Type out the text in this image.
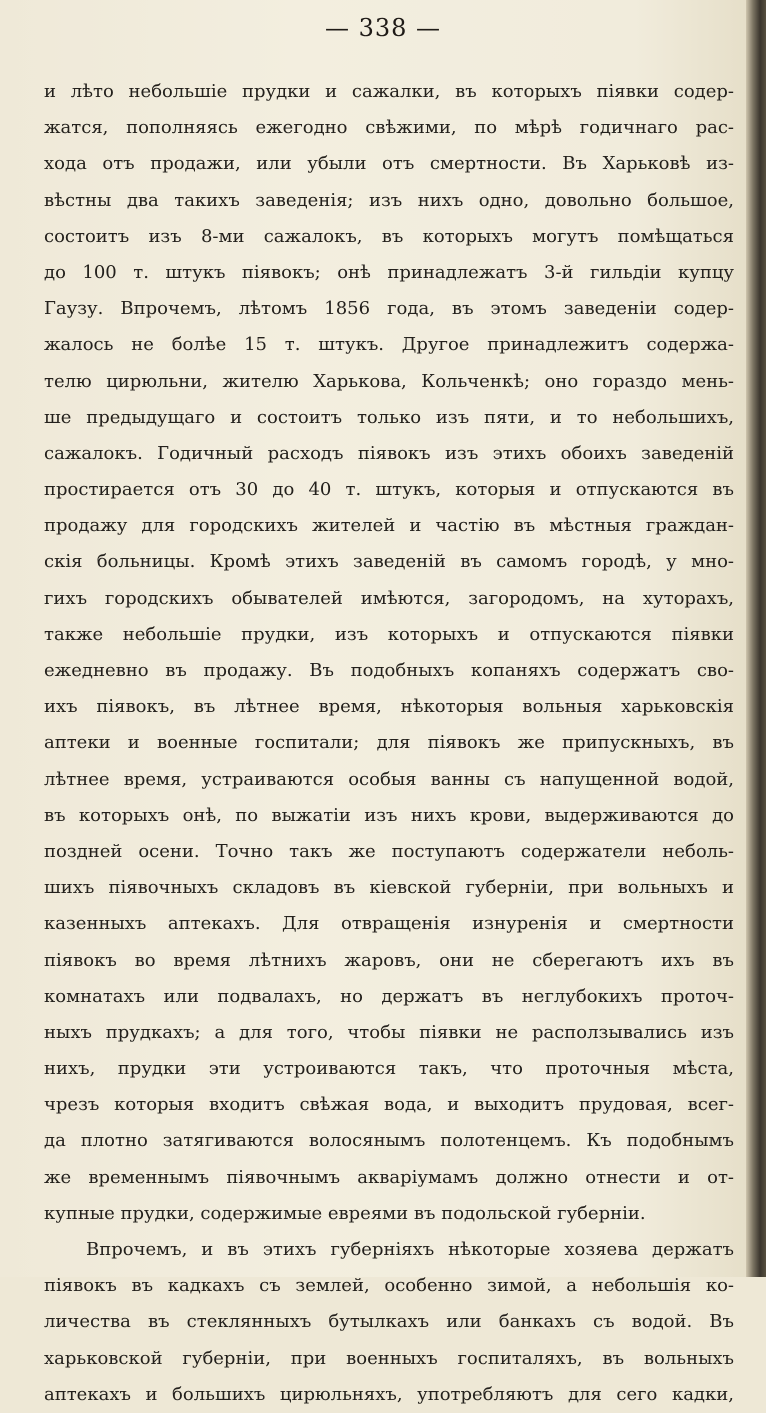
— 338 —
и лѣто небольшіе прудки и сажалки, въ которыхъ піявки содер-
жатся, пополняясь ежегодно свѣжими, по мѣрѣ годичнаго рас-
хода отъ продажи, или убыли отъ смертности. Въ Харьковѣ из-
вѣстны два такихъ заведенія; изъ нихъ одно, довольно большое,
состоитъ изъ 8-ми сажалокъ, въ которыхъ могутъ помѣщаться
до 100 т. штукъ піявокъ; онѣ принадлежатъ 3-й гильдіи купцу
Гаузу. Впрочемъ, лѣтомъ 1856 года, въ этомъ заведеніи содер-
жалось не болѣе 15 т. штукъ. Другое принадлежитъ содержа-
телю цирюльни, жителю Харькова, Кольченкѣ; оно гораздо мень-
ше предыдущаго и состоитъ только изъ пяти, и то небольшихъ,
сажалокъ. Годичный расходъ піявокъ изъ этихъ обоихъ заведеній
простирается отъ 30 до 40 т. штукъ, которыя и отпускаются въ
продажу для городскихъ жителей и частію въ мѣстныя граждан-
скія больницы. Кромѣ этихъ заведеній въ самомъ городѣ, у мно-
гихъ городскихъ обывателей имѣются, загородомъ, на хуторахъ,
также небольшіе прудки, изъ которыхъ и отпускаются піявки
ежедневно въ продажу. Въ подобныхъ копаняхъ содержатъ сво-
ихъ піявокъ, въ лѣтнее время, нѣкоторыя вольныя харьковскія
аптеки и военные госпитали; для піявокъ же припускныхъ, въ
лѣтнее время, устраиваются особыя ванны съ напущенной водой,
въ которыхъ онѣ, по выжатіи изъ нихъ крови, выдерживаются до
поздней осени. Точно такъ же поступаютъ содержатели неболь-
шихъ піявочныхъ складовъ въ кіевской губерніи, при вольныхъ и
казенныхъ аптекахъ. Для отвращенія изнуренія и смертности
піявокъ во время лѣтнихъ жаровъ, они не сберегаютъ ихъ въ
комнатахъ или подвалахъ, но держатъ въ неглубокихъ проточ-
ныхъ прудкахъ; а для того, чтобы піявки не расползывались изъ
нихъ, прудки эти устроиваются такъ, что проточныя мѣста,
чрезъ которыя входитъ свѣжая вода, и выходитъ прудовая, всег-
да плотно затягиваются волосянымъ полотенцемъ. Къ подобнымъ
же временнымъ піявочнымъ акваріумамъ должно отнести и от-
купные прудки, содержимые евреями въ подольской губерніи.
Впрочемъ, и въ этихъ губерніяхъ нѣкоторые хозяева держатъ
піявокъ въ кадкахъ съ землей, особенно зимой, а небольшія ко-
личества въ стеклянныхъ бутылкахъ или банкахъ съ водой. Въ
харьковской губерніи, при военныхъ госпиталяхъ, въ вольныхъ
аптекахъ и большихъ цирюльняхъ, употребляютъ для сего кадки,
